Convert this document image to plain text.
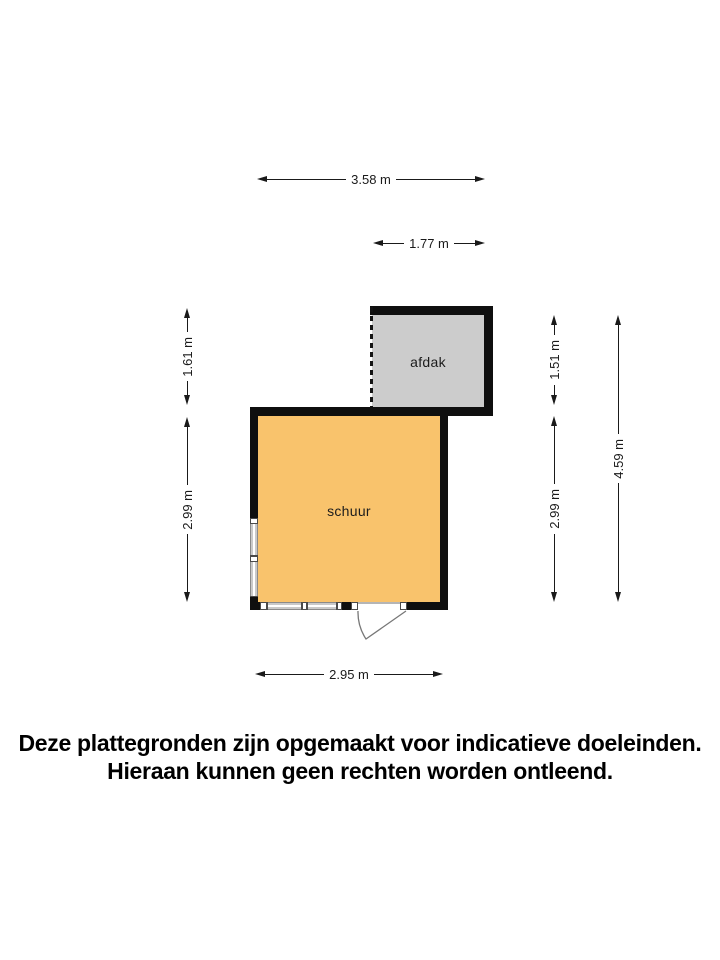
3.58 m
1.77 m
1.61 m
2.99 m
1.51 m
2.99 m
4.59 m
2.95 m
afdak
schuur
Deze plattegronden zijn opgemaakt voor indicatieve doeleinden.
Hieraan kunnen geen rechten worden ontleend.
